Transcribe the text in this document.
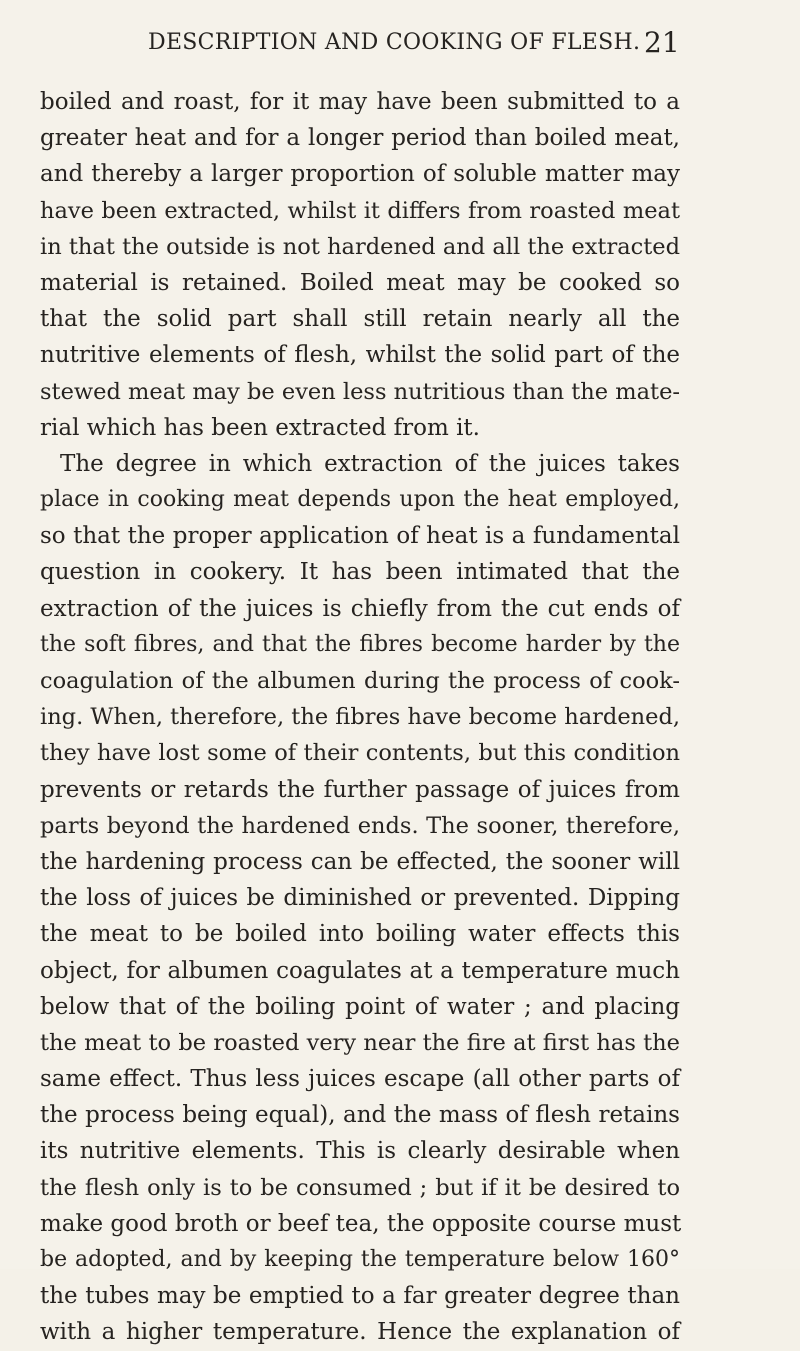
DESCRIPTION AND COOKING OF FLESH. 21
boiled and roast, for it may have been submitted to a
greater heat and for a longer period than boiled meat,
and thereby a larger proportion of soluble matter may
have been extracted, whilst it differs from roasted meat
in that the outside is not hardened and all the extracted
material is retained. Boiled meat may be cooked so
that the solid part shall still retain nearly all the
nutritive elements of flesh, whilst the solid part of the
stewed meat may be even less nutritious than the mate-
rial which has been extracted from it.
The degree in which extraction of the juices takes
place in cooking meat depends upon the heat employed,
so that the proper application of heat is a fundamental
question in cookery. It has been intimated that the
extraction of the juices is chiefly from the cut ends of
the soft fibres, and that the fibres become harder by the
coagulation of the albumen during the process of cook-
ing. When, therefore, the fibres have become hardened,
they have lost some of their contents, but this condition
prevents or retards the further passage of juices from
parts beyond the hardened ends. The sooner, therefore,
the hardening process can be effected, the sooner will
the loss of juices be diminished or prevented. Dipping
the meat to be boiled into boiling water effects this
object, for albumen coagulates at a temperature much
below that of the boiling point of water ; and placing
the meat to be roasted very near the fire at first has the
same effect. Thus less juices escape (all other parts of
the process being equal), and the mass of flesh retains
its nutritive elements. This is clearly desirable when
the flesh only is to be consumed ; but if it be desired to
make good broth or beef tea, the opposite course must
be adopted, and by keeping the temperature below 160°
the tubes may be emptied to a far greater degree than
with a higher temperature. Hence the explanation of
